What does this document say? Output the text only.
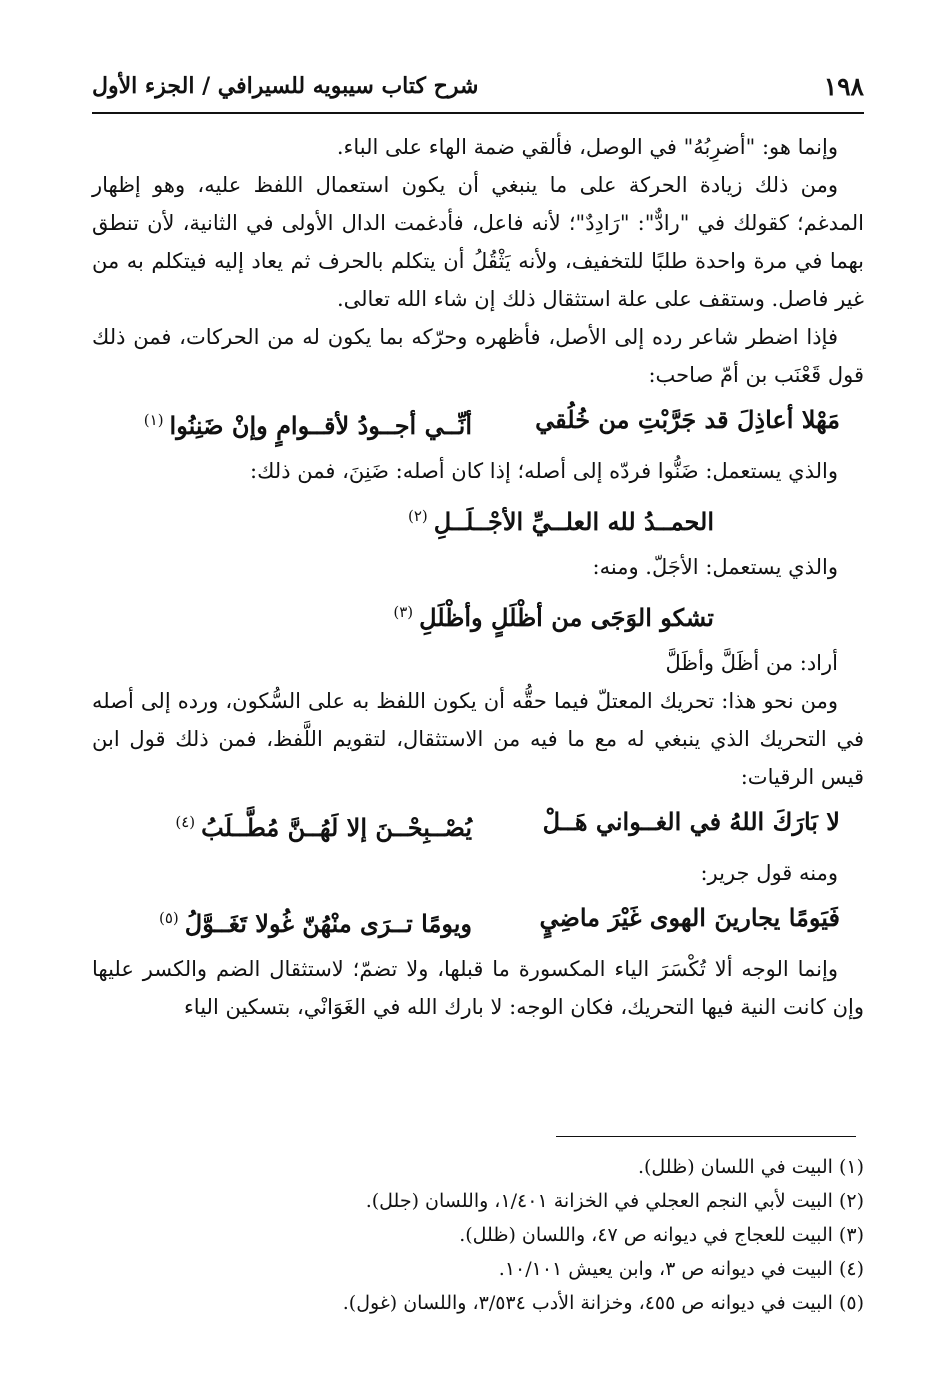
١٩٨
شرح كتاب سيبويه للسيرافي / الجزء الأول

وإنما هو: "أضرِبُهُ" في الوصل، فألقي ضمة الهاء على الباء.

ومن ذلك زيادة الحركة على ما ينبغي أن يكون استعمال اللفظ عليه، وهو إظهار المدغم؛ كقولك في "رادٌّ": "رَادِدٌ"؛ لأنه فاعل، فأدغمت الدال الأولى في الثانية، لأن تنطق بهما في مرة واحدة طلبًا للتخفيف، ولأنه يَثْقُلُ أن يتكلم بالحرف ثم يعاد إليه فيتكلم به من غير فاصل. وستقف على علة استثقال ذلك إن شاء الله تعالى.

فإذا اضطر شاعر رده إلى الأصل، فأظهره وحرّكه بما يكون له من الحركات، فمن ذلك قول قَعْنَب بن أمّ صاحب:

مَهْلا أعاذِلَ قد جَرَّبْتِ من خُلُقي
أنِّــي أجــودُ لأقــوامٍ وإنْ ضَنِنُوا$^{(١)}$

والذي يستعمل: ضَنُّوا فردّه إلى أصله؛ إذا كان أصله: ضَنِنَ، فمن ذلك:

الحمــدُ لله العلــيِّ الأجْــلَــلِ$^{(٢)}$

والذي يستعمل: الأجَلّ. ومنه:

تشكو الوَجَى من أظْلَلٍ وأظْلَلِ$^{(٣)}$

أراد: من أظَلَّ وأظَلَّ

ومن نحو هذا: تحريك المعتلّ فيما حقُّه أن يكون اللفظ به على السُّكون، ورده إلى أصله في التحريك الذي ينبغي له مع ما فيه من الاستثقال، لتقويم اللَّفظ، فمن ذلك قول ابن قيس الرقيات:

لا بَارَكَ اللهُ في الغــواني هَــلْ
يُصْــبِحْــنَ إلا لَهُــنَّ مُطَّــلَبُ$^{(٤)}$

ومنه قول جرير:

فَيَومًا يجارينَ الهوى غَيْرَ ماضِيٍ
ويومًا تــرَى منْهُنّ غُولا تَغَــوَّلُ$^{(٥)}$

وإنما الوجه ألا تُكْسَرَ الياء المكسورة ما قبلها، ولا تضمّ؛ لاستثقال الضم والكسر عليها وإن كانت النية فيها التحريك، فكان الوجه: لا بارك الله في الغَوَانْي، بتسكين الياء

(١) البيت في اللسان (ظلل).

(٢) البيت لأبي النجم العجلي في الخزانة ١/٤٠١، واللسان (جلل).

(٣) البيت للعجاج في ديوانه ص ٤٧، واللسان (ظلل).

(٤) البيت في ديوانه ص ٣، وابن يعيش ١٠/١٠١.

(٥) البيت في ديوانه ص ٤٥٥، وخزانة الأدب ٣/٥٣٤، واللسان (غول).
